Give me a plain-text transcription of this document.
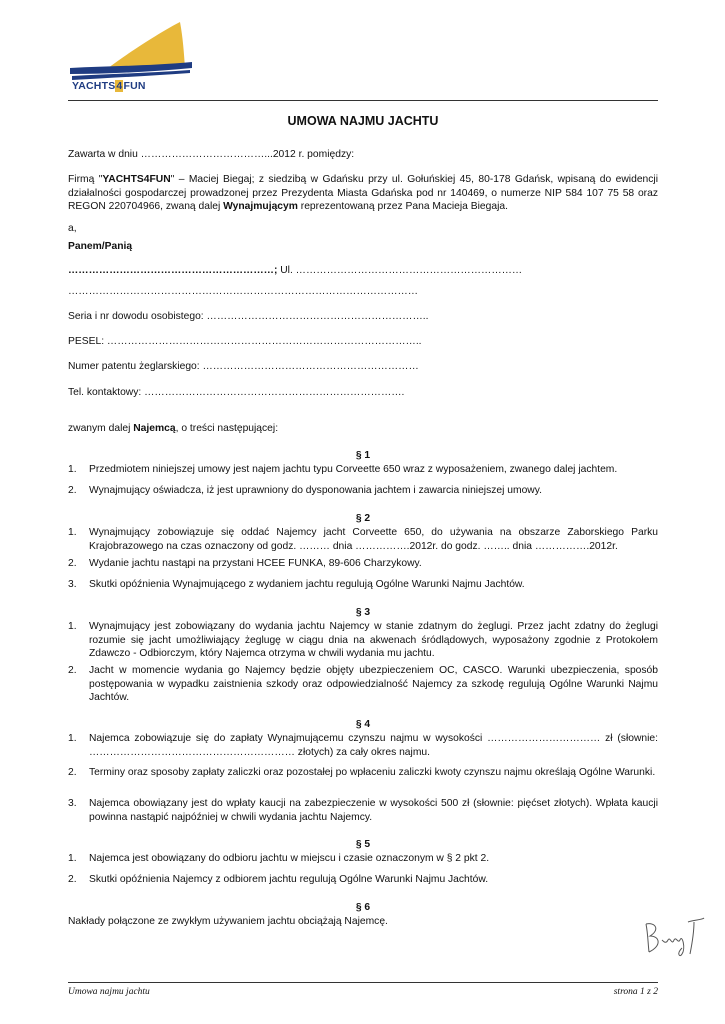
YACHTS4FUN
UMOWA NAJMU JACHTU
Zawarta w dniu ………………………………...2012 r. pomiędzy:
Firmą "YACHTS4FUN" – Maciej Biegaj; z siedzibą w Gdańsku przy ul. Gołuńskiej 45, 80-178 Gdańsk, wpisaną do ewidencji działalności gospodarczej prowadzonej przez Prezydenta Miasta Gdańska pod nr 140469, o numerze NIP 584 107 75 58 oraz REGON 220704966, zwaną dalej Wynajmującym reprezentowaną przez Pana Macieja Biegaja.
a,
Panem/Panią
……………………………………………………; Ul. …………………………………………………………
…………………………………………………………………………………………
Seria i nr dowodu osobistego: ………………………………………………………..
PESEL: ………………………………………………………………………………..
Numer patentu żeglarskiego: ………………………………………………………
Tel. kontaktowy: ………………………………………………………………….
zwanym dalej Najemcą, o treści następującej:
§ 1
1.	Przedmiotem niniejszej umowy jest najem jachtu typu Corveette 650 wraz z wyposażeniem, zwanego dalej jachtem.
2.	Wynajmujący oświadcza, iż jest uprawniony do dysponowania jachtem i zawarcia niniejszej umowy.
§ 2
1.	Wynajmujący zobowiązuje się oddać Najemcy jacht Corveette 650, do używania na obszarze Zaborskiego Parku Krajobrazowego na czas oznaczony od godz. ……… dnia …………….2012r. do godz. …….. dnia …………….2012r.
2.	Wydanie jachtu nastąpi na przystani HCEE FUNKA, 89-606 Charzykowy.
3.	Skutki opóźnienia Wynajmującego z wydaniem jachtu regulują Ogólne Warunki Najmu Jachtów.
§ 3
1.	Wynajmujący jest zobowiązany do wydania jachtu Najemcy w stanie zdatnym do żeglugi. Przez jacht zdatny do żeglugi rozumie się jacht umożliwiający żeglugę w ciągu dnia na akwenach śródlądowych, wyposażony zgodnie z Protokołem Zdawczo - Odbiorczym, który Najemca otrzyma w chwili wydania mu jachtu.
2.	Jacht w momencie wydania go Najemcy będzie objęty ubezpieczeniem OC, CASCO. Warunki ubezpieczenia, sposób postępowania w wypadku zaistnienia szkody oraz odpowiedzialność Najemcy za szkodę regulują Ogólne Warunki Najmu Jachtów.
§ 4
1.	Najemca zobowiązuje się do zapłaty Wynajmującemu czynszu najmu w wysokości …………………………… zł (słownie: …………………………………………………… złotych) za cały okres najmu.
2.	Terminy oraz sposoby zapłaty zaliczki oraz pozostałej po wpłaceniu zaliczki kwoty czynszu najmu określają Ogólne Warunki.
3.	Najemca obowiązany jest do wpłaty kaucji na zabezpieczenie w wysokości 500 zł (słownie: pięćset złotych). Wpłata kaucji powinna nastąpić najpóźniej w chwili wydania jachtu Najemcy.
§ 5
1.	Najemca jest obowiązany do odbioru jachtu w miejscu i czasie oznaczonym w § 2 pkt 2.
2.	Skutki opóźnienia Najemcy z odbiorem jachtu regulują Ogólne Warunki Najmu Jachtów.
§ 6
Nakłady połączone ze zwykłym używaniem jachtu obciążają Najemcę.
Umowa najmu jachtu	strona 1 z 2
